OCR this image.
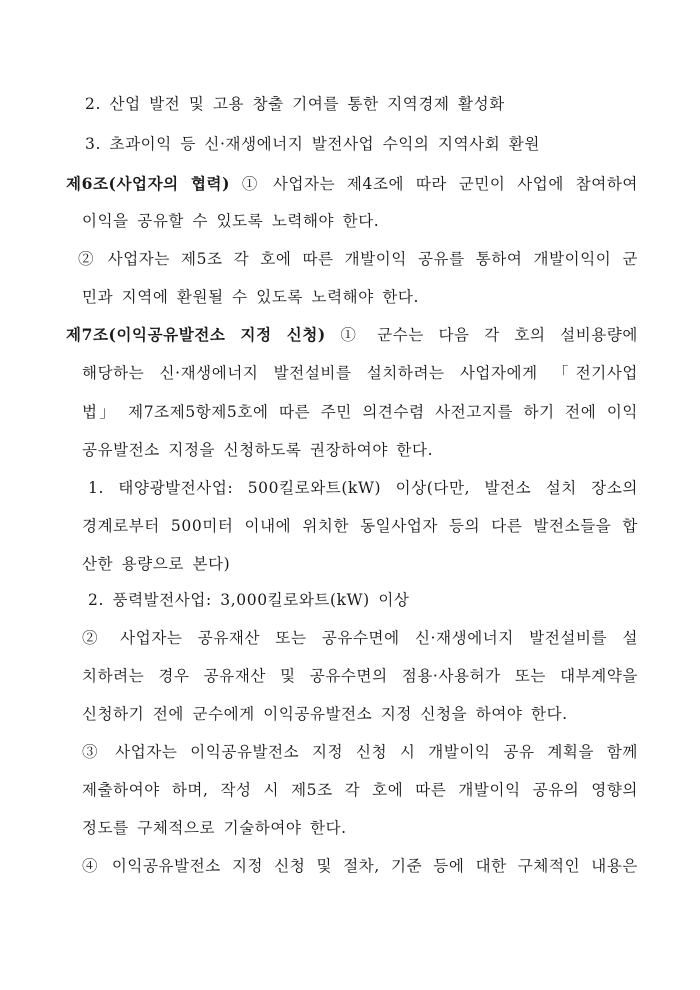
2. 산업 발전 및 고용 창출 기여를 통한 지역경제 활성화
3. 초과이익 등 신·재생에너지 발전사업 수익의 지역사회 환원
제6조(사업자의 협력) ① 사업자는 제4조에 따라 군민이 사업에 참여하여
이익을 공유할 수 있도록 노력해야 한다.
② 사업자는 제5조 각 호에 따른 개발이익 공유를 통하여 개발이익이 군
민과 지역에 환원될 수 있도록 노력해야 한다.
제7조(이익공유발전소 지정 신청) ① 군수는 다음 각 호의 설비용량에
해당하는 신·재생에너지 발전설비를 설치하려는 사업자에게 「전기사업
법」 제7조제5항제5호에 따른 주민 의견수렴 사전고지를 하기 전에 이익
공유발전소 지정을 신청하도록 권장하여야 한다.
1. 태양광발전사업: 500킬로와트(kW) 이상(다만, 발전소 설치 장소의
경계로부터 500미터 이내에 위치한 동일사업자 등의 다른 발전소들을 합
산한 용량으로 본다)
2. 풍력발전사업: 3,000킬로와트(kW) 이상
② 사업자는 공유재산 또는 공유수면에 신·재생에너지 발전설비를 설
치하려는 경우 공유재산 및 공유수면의 점용·사용허가 또는 대부계약을
신청하기 전에 군수에게 이익공유발전소 지정 신청을 하여야 한다.
③ 사업자는 이익공유발전소 지정 신청 시 개발이익 공유 계획을 함께
제출하여야 하며, 작성 시 제5조 각 호에 따른 개발이익 공유의 영향의
정도를 구체적으로 기술하여야 한다.
④ 이익공유발전소 지정 신청 및 절차, 기준 등에 대한 구체적인 내용은
